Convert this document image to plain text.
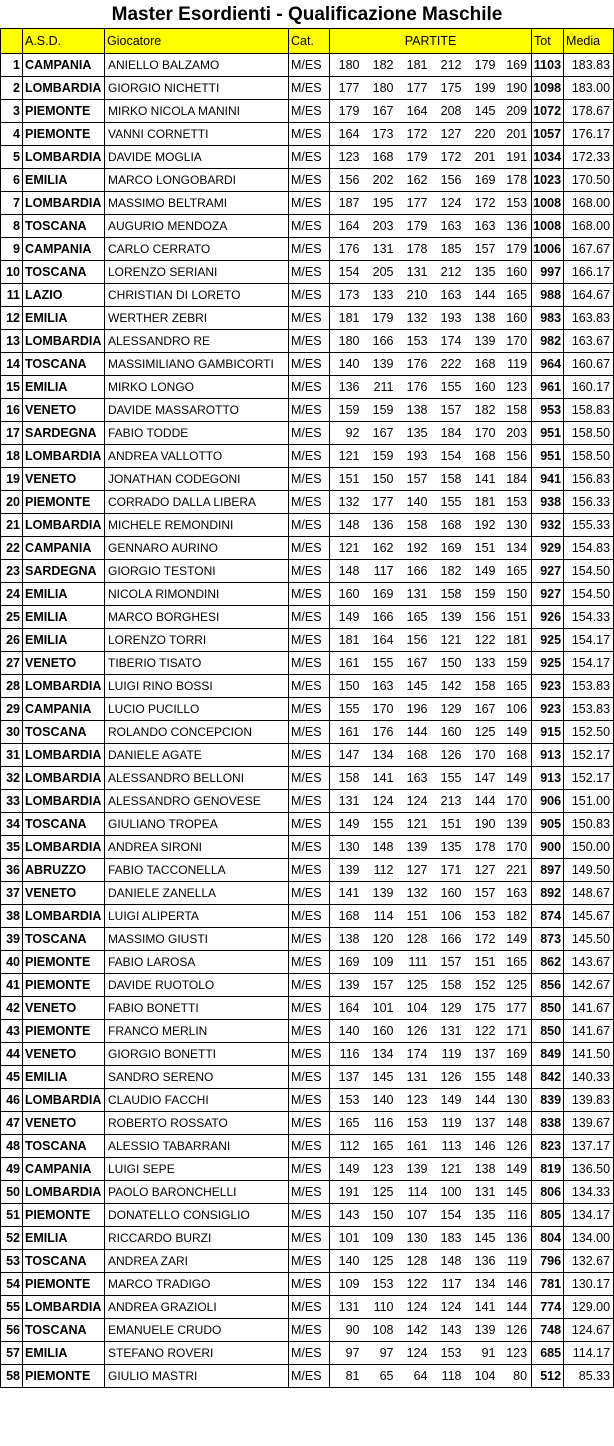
Master Esordienti - Qualificazione Maschile
	A.S.D.	Giocatore	Cat.	PARTITE						Tot	Media
1	CAMPANIA	ANIELLO BALZAMO	M/ES	180	182	181	212	179	169	1103	183.83
2	LOMBARDIA	GIORGIO NICHETTI	M/ES	177	180	177	175	199	190	1098	183.00
3	PIEMONTE	MIRKO NICOLA MANINI	M/ES	179	167	164	208	145	209	1072	178.67
4	PIEMONTE	VANNI CORNETTI	M/ES	164	173	172	127	220	201	1057	176.17
5	LOMBARDIA	DAVIDE MOGLIA	M/ES	123	168	179	172	201	191	1034	172.33
6	EMILIA	MARCO LONGOBARDI	M/ES	156	202	162	156	169	178	1023	170.50
7	LOMBARDIA	MASSIMO BELTRAMI	M/ES	187	195	177	124	172	153	1008	168.00
8	TOSCANA	AUGURIO MENDOZA	M/ES	164	203	179	163	163	136	1008	168.00
9	CAMPANIA	CARLO CERRATO	M/ES	176	131	178	185	157	179	1006	167.67
10	TOSCANA	LORENZO SERIANI	M/ES	154	205	131	212	135	160	997	166.17
11	LAZIO	CHRISTIAN DI LORETO	M/ES	173	133	210	163	144	165	988	164.67
12	EMILIA	WERTHER ZEBRI	M/ES	181	179	132	193	138	160	983	163.83
13	LOMBARDIA	ALESSANDRO RE	M/ES	180	166	153	174	139	170	982	163.67
14	TOSCANA	MASSIMILIANO GAMBICORTI	M/ES	140	139	176	222	168	119	964	160.67
15	EMILIA	MIRKO LONGO	M/ES	136	211	176	155	160	123	961	160.17
16	VENETO	DAVIDE MASSAROTTO	M/ES	159	159	138	157	182	158	953	158.83
17	SARDEGNA	FABIO TODDE	M/ES	92	167	135	184	170	203	951	158.50
18	LOMBARDIA	ANDREA VALLOTTO	M/ES	121	159	193	154	168	156	951	158.50
19	VENETO	JONATHAN CODEGONI	M/ES	151	150	157	158	141	184	941	156.83
20	PIEMONTE	CORRADO DALLA LIBERA	M/ES	132	177	140	155	181	153	938	156.33
21	LOMBARDIA	MICHELE REMONDINI	M/ES	148	136	158	168	192	130	932	155.33
22	CAMPANIA	GENNARO AURINO	M/ES	121	162	192	169	151	134	929	154.83
23	SARDEGNA	GIORGIO TESTONI	M/ES	148	117	166	182	149	165	927	154.50
24	EMILIA	NICOLA RIMONDINI	M/ES	160	169	131	158	159	150	927	154.50
25	EMILIA	MARCO BORGHESI	M/ES	149	166	165	139	156	151	926	154.33
26	EMILIA	LORENZO TORRI	M/ES	181	164	156	121	122	181	925	154.17
27	VENETO	TIBERIO TISATO	M/ES	161	155	167	150	133	159	925	154.17
28	LOMBARDIA	LUIGI RINO BOSSI	M/ES	150	163	145	142	158	165	923	153.83
29	CAMPANIA	LUCIO PUCILLO	M/ES	155	170	196	129	167	106	923	153.83
30	TOSCANA	ROLANDO CONCEPCION	M/ES	161	176	144	160	125	149	915	152.50
31	LOMBARDIA	DANIELE AGATE	M/ES	147	134	168	126	170	168	913	152.17
32	LOMBARDIA	ALESSANDRO BELLONI	M/ES	158	141	163	155	147	149	913	152.17
33	LOMBARDIA	ALESSANDRO GENOVESE	M/ES	131	124	124	213	144	170	906	151.00
34	TOSCANA	GIULIANO TROPEA	M/ES	149	155	121	151	190	139	905	150.83
35	LOMBARDIA	ANDREA SIRONI	M/ES	130	148	139	135	178	170	900	150.00
36	ABRUZZO	FABIO TACCONELLA	M/ES	139	112	127	171	127	221	897	149.50
37	VENETO	DANIELE ZANELLA	M/ES	141	139	132	160	157	163	892	148.67
38	LOMBARDIA	LUIGI ALIPERTA	M/ES	168	114	151	106	153	182	874	145.67
39	TOSCANA	MASSIMO GIUSTI	M/ES	138	120	128	166	172	149	873	145.50
40	PIEMONTE	FABIO LAROSA	M/ES	169	109	111	157	151	165	862	143.67
41	PIEMONTE	DAVIDE RUOTOLO	M/ES	139	157	125	158	152	125	856	142.67
42	VENETO	FABIO BONETTI	M/ES	164	101	104	129	175	177	850	141.67
43	PIEMONTE	FRANCO MERLIN	M/ES	140	160	126	131	122	171	850	141.67
44	VENETO	GIORGIO BONETTI	M/ES	116	134	174	119	137	169	849	141.50
45	EMILIA	SANDRO SERENO	M/ES	137	145	131	126	155	148	842	140.33
46	LOMBARDIA	CLAUDIO FACCHI	M/ES	153	140	123	149	144	130	839	139.83
47	VENETO	ROBERTO ROSSATO	M/ES	165	116	153	119	137	148	838	139.67
48	TOSCANA	ALESSIO TABARRANI	M/ES	112	165	161	113	146	126	823	137.17
49	CAMPANIA	LUIGI SEPE	M/ES	149	123	139	121	138	149	819	136.50
50	LOMBARDIA	PAOLO BARONCHELLI	M/ES	191	125	114	100	131	145	806	134.33
51	PIEMONTE	DONATELLO CONSIGLIO	M/ES	143	150	107	154	135	116	805	134.17
52	EMILIA	RICCARDO BURZI	M/ES	101	109	130	183	145	136	804	134.00
53	TOSCANA	ANDREA ZARI	M/ES	140	125	128	148	136	119	796	132.67
54	PIEMONTE	MARCO TRADIGO	M/ES	109	153	122	117	134	146	781	130.17
55	LOMBARDIA	ANDREA GRAZIOLI	M/ES	131	110	124	124	141	144	774	129.00
56	TOSCANA	EMANUELE CRUDO	M/ES	90	108	142	143	139	126	748	124.67
57	EMILIA	STEFANO ROVERI	M/ES	97	97	124	153	91	123	685	114.17
58	PIEMONTE	GIULIO MASTRI	M/ES	81	65	64	118	104	80	512	85.33
